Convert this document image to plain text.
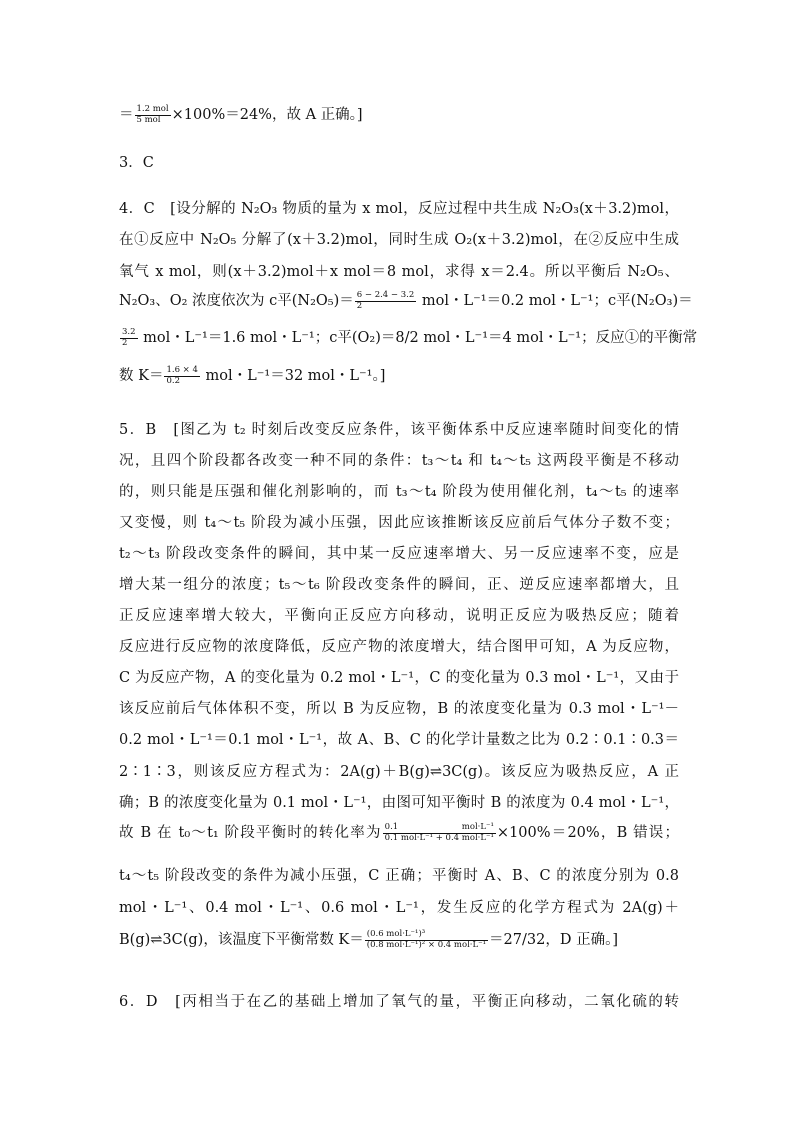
＝ $\frac{\text{1.2 mol}}{\text{5 mol}} \times 100\%=24\%$，故 A 正确。]
3．C
4．C　[设分解的 N₂O₃ 物质的量为 x mol，反应过程中共生成 N₂O₃(x＋3.2)mol，
在①反应中 N₂O₅ 分解了(x＋3.2)mol，同时生成 O₂(x＋3.2)mol，在②反应中生成
氧气 x mol，则(x＋3.2)mol＋x mol＝8 mol，求得 x＝2.4。所以平衡后 N₂O₅、
N₂O₃、O₂ 浓度依次为 c平$(N_2O_5)= \frac{6 - 2.4 - 3.2}{2}$ mol・L⁻¹＝0.2 mol・L⁻¹；c平(N₂O₃)＝
$\frac{3.2}{2}$ mol・L⁻¹＝1.6 mol・L⁻¹；c平(O₂)＝8/2 mol・L⁻¹＝4 mol・L⁻¹；反应①的平衡常
数 $K= \frac{1.6 \times 4}{0.2}$ mol・L⁻¹＝32 mol・L⁻¹。]
5．B　[图乙为 t₂ 时刻后改变反应条件，该平衡体系中反应速率随时间变化的情
况，且四个阶段都各改变一种不同的条件：t₃～t₄ 和 t₄～t₅ 这两段平衡是不移动
的，则只能是压强和催化剂影响的，而 t₃～t₄ 阶段为使用催化剂，t₄～t₅ 的速率
又变慢，则 t₄～t₅ 阶段为减小压强，因此应该推断该反应前后气体分子数不变；
t₂～t₃ 阶段改变条件的瞬间，其中某一反应速率增大、另一反应速率不变，应是
增大某一组分的浓度；t₅～t₆ 阶段改变条件的瞬间，正、逆反应速率都增大，且
正反应速率增大较大，平衡向正反应方向移动，说明正反应为吸热反应；随着
反应进行反应物的浓度降低，反应产物的浓度增大，结合图甲可知，A 为反应物，
C 为反应产物，A 的变化量为 0.2 mol・L⁻¹，C 的变化量为 0.3 mol・L⁻¹，又由于
该反应前后气体体积不变，所以 B 为反应物，B 的浓度变化量为 0.3 mol・L⁻¹－
0.2 mol・L⁻¹＝0.1 mol・L⁻¹，故 A、B、C 的化学计量数之比为 0.2∶0.1∶0.3＝
2∶1∶3，则该反应方程式为：2A(g)＋B(g)⇌3C(g)。该反应为吸热反应，A 正
确；B 的浓度变化量为 0.1 mol・L⁻¹，由图可知平衡时 B 的浓度为 0.4 mol・L⁻¹，
故 B 在 t₀～t₁ 阶段平衡时的转化率为 $\frac{\text{0.1 mol·L⁻¹}}{\text{0.1 mol·L⁻¹ + 0.4 mol·L⁻¹}} \times 100\%=20\%$，B 错误；
t₄～t₅ 阶段改变的条件为减小压强，C 正确；平衡时 A、B、C 的浓度分别为 0.8
mol・L⁻¹、0.4 mol・L⁻¹、0.6 mol・L⁻¹，发生反应的化学方程式为 2A(g)＋
B(g)⇌3C(g)，该温度下平衡常数 $K= \frac{\text{(0.6 mol·L⁻¹)³}}{\text{(0.8 mol·L⁻¹)² × 0.4 mol·L⁻¹}} =27/32$，D 正确。]
6．D　[丙相当于在乙的基础上增加了氧气的量，平衡正向移动，二氧化硫的转
